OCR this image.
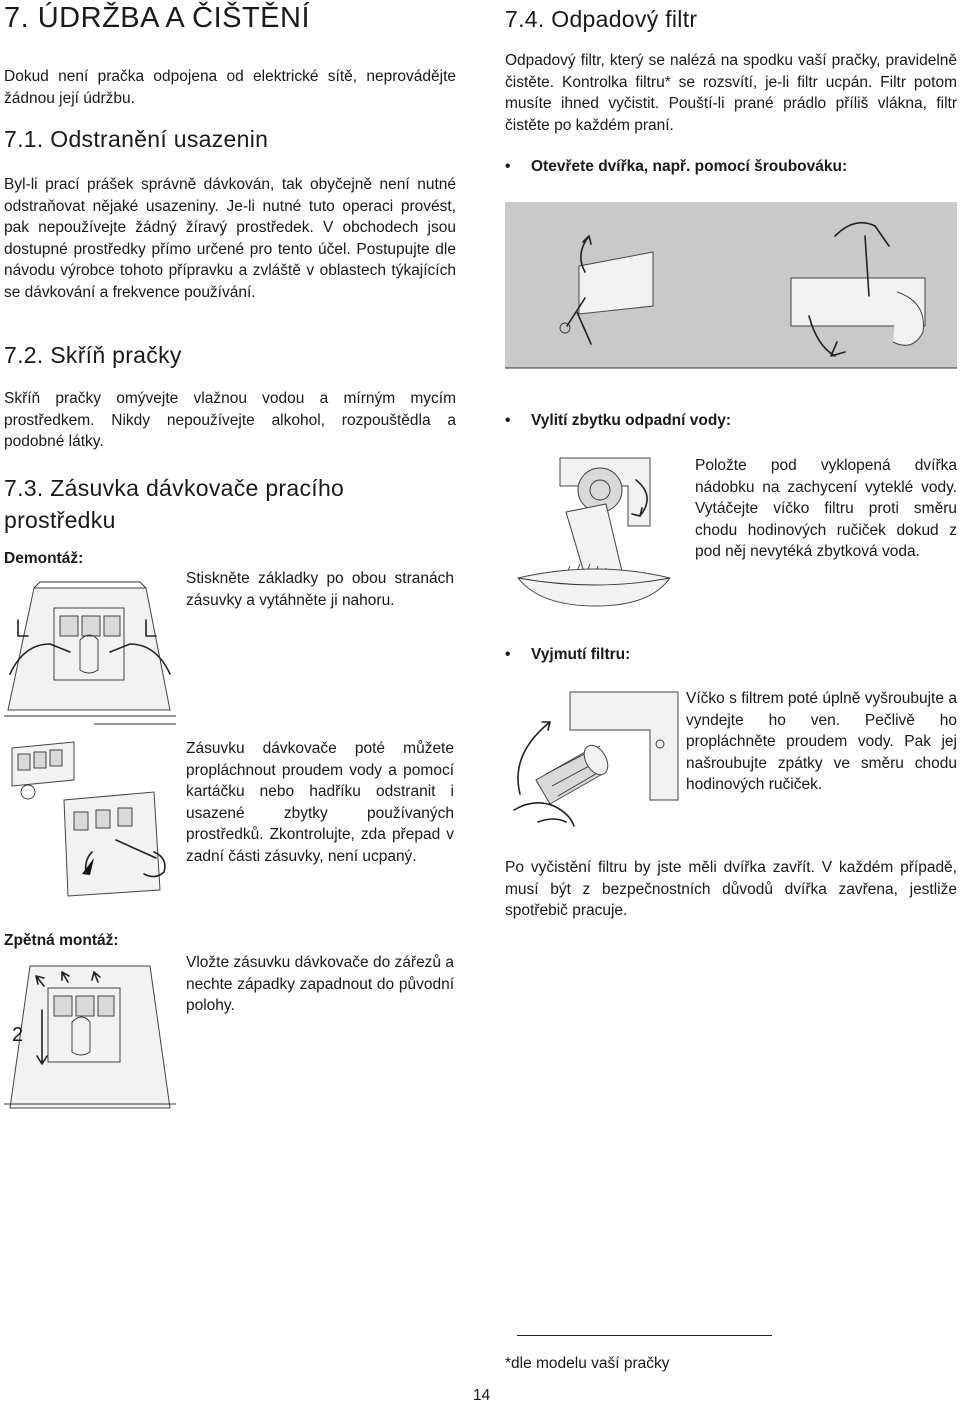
7. ÚDRŽBA A ČIŠTĚNÍ
Dokud není pračka odpojena od elektrické sítě, neprovádějte žádnou její údržbu.
7.1. Odstranění usazenin
Byl-li prací prášek správně dávkován, tak obyčejně není nutné odstraňovat nějaké usazeniny. Je-li nutné tuto operaci provést, pak nepoužívejte žádný žíravý prostředek. V obchodech jsou dostupné prostředky přímo určené pro tento účel. Postupujte dle návodu výrobce tohoto přípravku a zvláště v oblastech týkajících se dávkování a frekvence používání.
7.2. Skříň pračky
Skříň pračky omývejte vlažnou vodou a mírným mycím prostředkem. Nikdy nepoužívejte alkohol, rozpouštědla a podobné látky.
7.3. Zásuvka dávkovače pracího prostředku
Demontáž:
Stiskněte základky po obou stranách zásuvky a vytáhněte ji nahoru.
Zásuvku dávkovače poté můžete propláchnout proudem vody a pomocí kartáčku nebo hadříku odstranit i usazené zbytky používaných prostředků. Zkontrolujte, zda přepad v zadní části zásuvky, není ucpaný.
Zpětná montáž:
Vložte zásuvku dávkovače do zářezů a nechte západky zapadnout do původní polohy.
2
7.4. Odpadový filtr
Odpadový filtr, který se nalézá na spodku vaší pračky, pravidelně čistěte. Kontrolka filtru* se rozsvítí, je-li filtr ucpán. Filtr potom musíte ihned vyčistit. Pouští-li prané prádlo příliš vlákna, filtr čistěte po každém praní.
• Otevřete dvířka, např. pomocí šroubováku:
• Vylití zbytku odpadní vody:
Položte pod vyklopená dvířka nádobku na zachycení vyteklé vody. Vytáčejte víčko filtru proti směru chodu hodinových ručiček dokud z pod něj nevytéká zbytková voda.
• Vyjmutí filtru:
Víčko s filtrem poté úplně vyšroubujte a vyndejte ho ven. Pečlivě ho propláchněte proudem vody. Pak jej našroubujte zpátky ve směru chodu hodinových ručiček.
Po vyčistění filtru by jste měli dvířka zavřít. V každém případě, musí být z bezpečnostních důvodů dvířka zavřena, jestliže spotřebič pracuje.
*dle modelu vaší pračky
14
